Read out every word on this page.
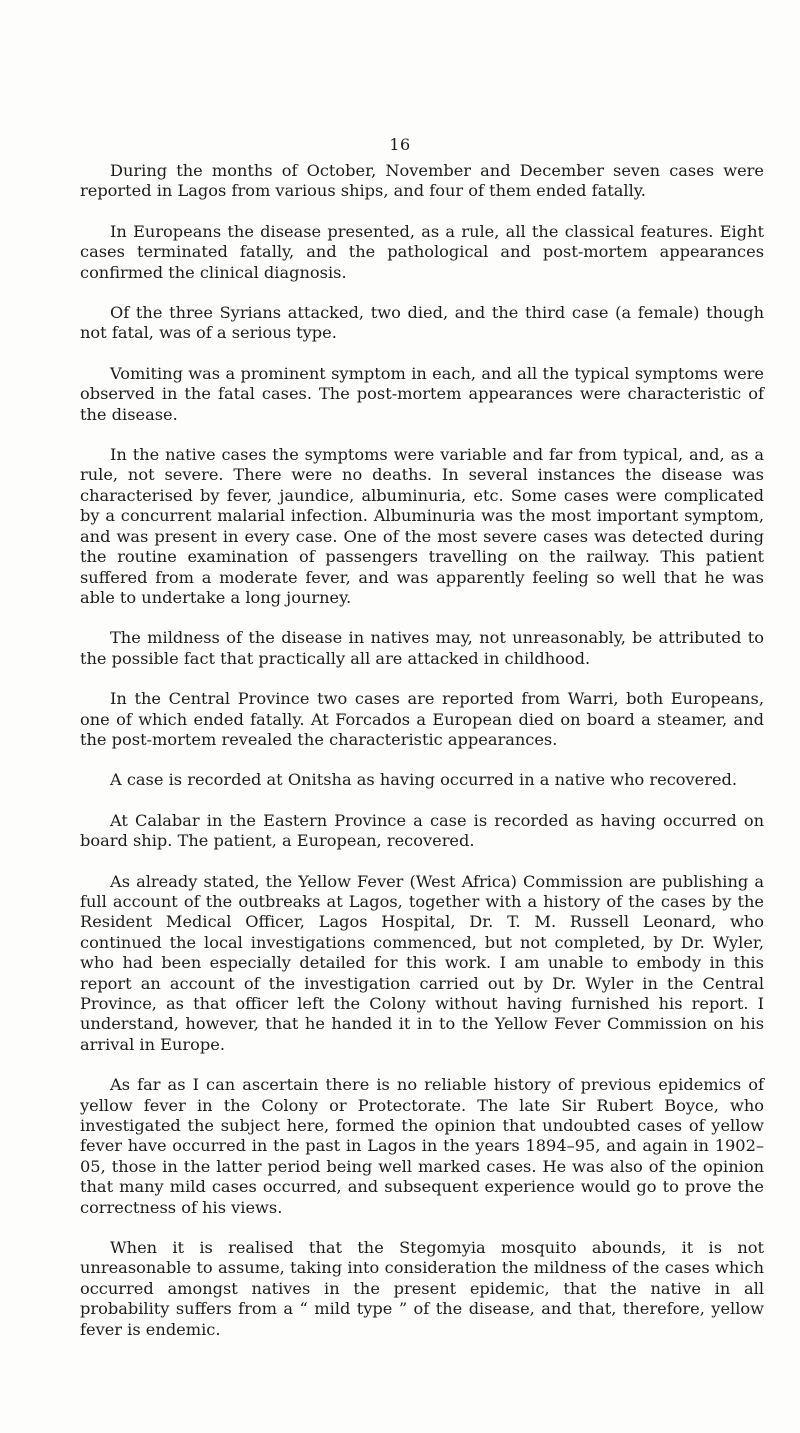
16

During the months of October, November and December seven cases were reported in Lagos from various ships, and four of them ended fatally.

In Europeans the disease presented, as a rule, all the classical features. Eight cases terminated fatally, and the pathological and post-mortem appearances confirmed the clinical diagnosis.

Of the three Syrians attacked, two died, and the third case (a female) though not fatal, was of a serious type.

Vomiting was a prominent symptom in each, and all the typical symptoms were observed in the fatal cases. The post-mortem appearances were characteristic of the disease.

In the native cases the symptoms were variable and far from typical, and, as a rule, not severe. There were no deaths. In several instances the disease was characterised by fever, jaundice, albuminuria, etc. Some cases were complicated by a concurrent malarial infection. Albuminuria was the most important symptom, and was present in every case. One of the most severe cases was detected during the routine examination of passengers travelling on the railway. This patient suffered from a moderate fever, and was apparently feeling so well that he was able to undertake a long journey.

The mildness of the disease in natives may, not unreasonably, be attributed to the possible fact that practically all are attacked in childhood.

In the Central Province two cases are reported from Warri, both Europeans, one of which ended fatally. At Forcados a European died on board a steamer, and the post-mortem revealed the characteristic appearances.

A case is recorded at Onitsha as having occurred in a native who recovered.

At Calabar in the Eastern Province a case is recorded as having occurred on board ship. The patient, a European, recovered.

As already stated, the Yellow Fever (West Africa) Commission are publishing a full account of the outbreaks at Lagos, together with a history of the cases by the Resident Medical Officer, Lagos Hospital, Dr. T. M. Russell Leonard, who continued the local investigations commenced, but not completed, by Dr. Wyler, who had been especially detailed for this work. I am unable to embody in this report an account of the investigation carried out by Dr. Wyler in the Central Province, as that officer left the Colony without having furnished his report. I understand, however, that he handed it in to the Yellow Fever Commission on his arrival in Europe.

As far as I can ascertain there is no reliable history of previous epidemics of yellow fever in the Colony or Protectorate. The late Sir Rubert Boyce, who investigated the subject here, formed the opinion that undoubted cases of yellow fever have occurred in the past in Lagos in the years 1894–95, and again in 1902–05, those in the latter period being well marked cases. He was also of the opinion that many mild cases occurred, and subsequent experience would go to prove the correctness of his views.

When it is realised that the Stegomyia mosquito abounds, it is not unreasonable to assume, taking into consideration the mildness of the cases which occurred amongst natives in the present epidemic, that the native in all probability suffers from a “ mild type ” of the disease, and that, therefore, yellow fever is endemic.
